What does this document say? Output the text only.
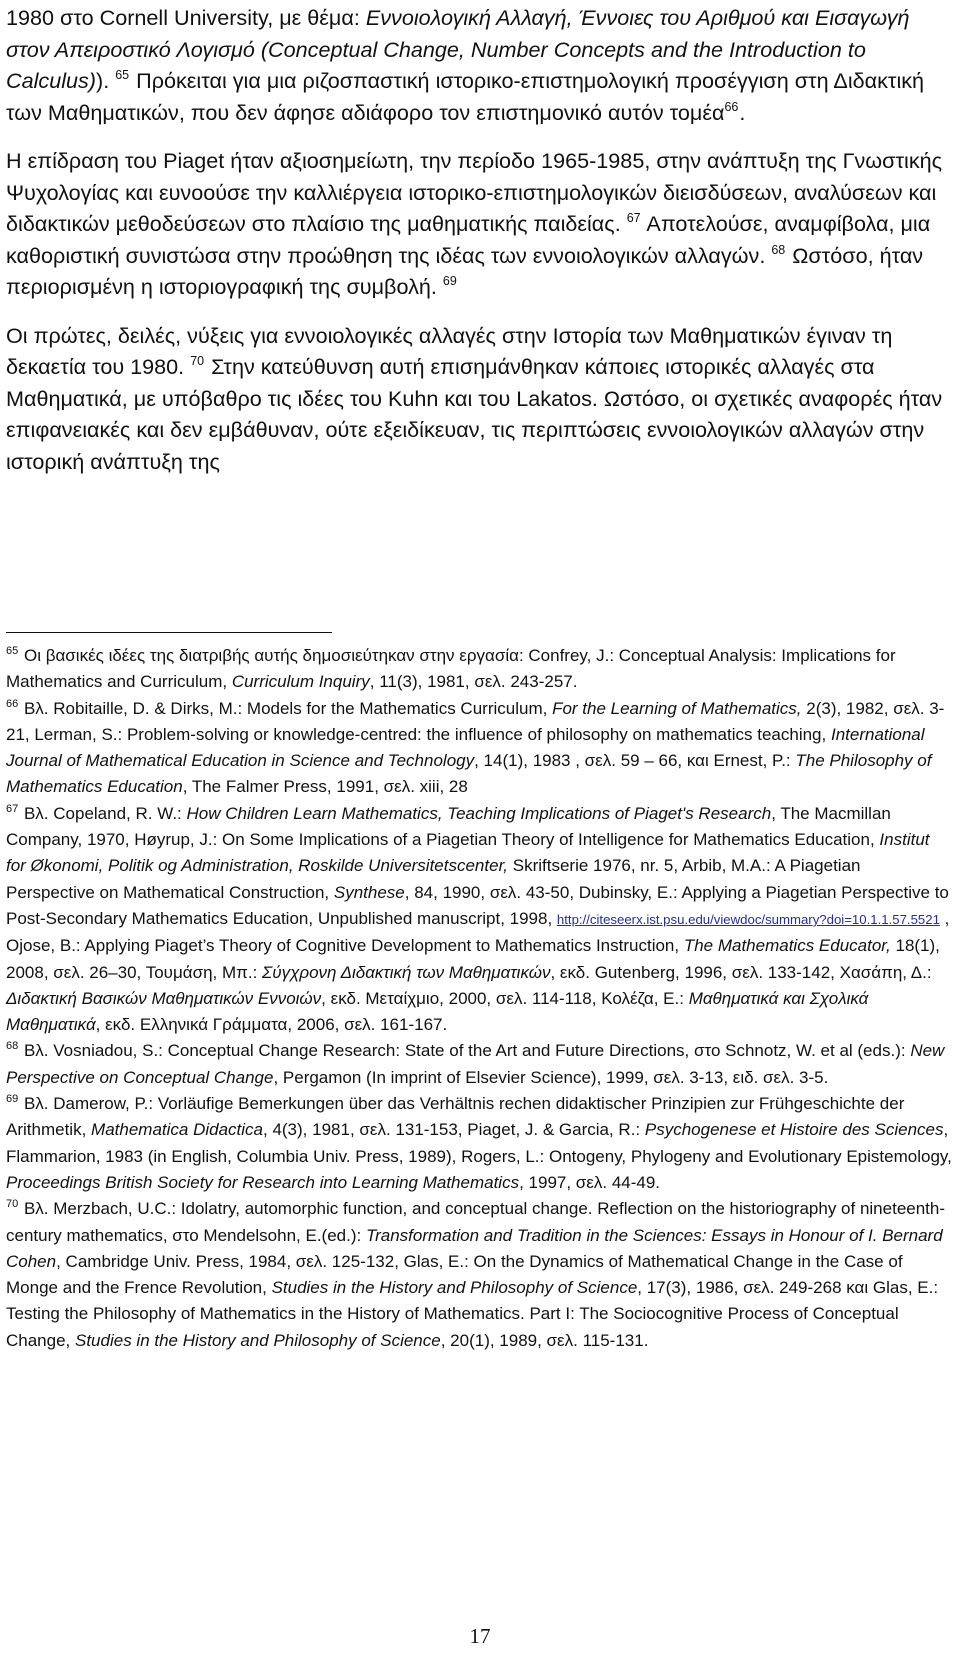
1980 στο Cornell University, με θέμα: Εννοιολογική Αλλαγή, Έννοιες του Αριθμού και Εισαγωγή στον Απειροστικό Λογισμό (Conceptual Change, Number Concepts and the Introduction to Calculus)). $^{65}$ Πρόκειται για μια ριζοσπαστική ιστορικο-επιστημολογική προσέγγιση στη Διδακτική των Μαθηματικών, που δεν άφησε αδιάφορο τον επιστημονικό αυτόν τομέα$^{66}$.

Η επίδραση του Piaget ήταν αξιοσημείωτη, την περίοδο 1965-1985, στην ανάπτυξη της Γνωστικής Ψυχολογίας και ευνοούσε την καλλιέργεια ιστορικο-επιστημολογικών διεισδύσεων, αναλύσεων και διδακτικών μεθοδεύσεων στο πλαίσιο της μαθηματικής παιδείας. $^{67}$ Αποτελούσε, αναμφίβολα, μια καθοριστική συνιστώσα στην προώθηση της ιδέας των εννοιολογικών αλλαγών. $^{68}$ Ωστόσο, ήταν περιορισμένη η ιστοριογραφική της συμβολή. $^{69}$

Οι πρώτες, δειλές, νύξεις για εννοιολογικές αλλαγές στην Ιστορία των Μαθηματικών έγιναν τη δεκαετία του 1980. $^{70}$ Στην κατεύθυνση αυτή επισημάνθηκαν κάποιες ιστορικές αλλαγές στα Μαθηματικά, με υπόβαθρο τις ιδέες του Kuhn και του Lakatos. Ωστόσο, οι σχετικές αναφορές ήταν επιφανειακές και δεν εμβάθυναν, ούτε εξειδίκευαν, τις περιπτώσεις εννοιολογικών αλλαγών στην ιστορική ανάπτυξη της

$^{65}$ Οι βασικές ιδέες της διατριβής αυτής δημοσιεύτηκαν στην εργασία: Confrey, J.: Conceptual Analysis: Implications for Mathematics and Curriculum, Curriculum Inquiry, 11(3), 1981, σελ. 243-257.
$^{66}$ Βλ. Robitaille, D. & Dirks, M.: Models for the Mathematics Curriculum, For the Learning of Mathematics, 2(3), 1982, σελ. 3-21, Lerman, S.: Problem-solving or knowledge-centred: the influence of philosophy on mathematics teaching, International Journal of Mathematical Education in Science and Technology, 14(1), 1983 , σελ. 59 – 66, και Ernest, P.: The Philosophy of Mathematics Education, The Falmer Press, 1991, σελ. xiii, 28
$^{67}$ Βλ. Copeland, R. W.: How Children Learn Mathematics, Teaching Implications of Piaget's Research, The Macmillan Company, 1970, Høyrup, J.: On Some Implications of a Piagetian Theory of Intelligence for Mathematics Education, Institut for Økonomi, Politik og Administration, Roskilde Universitetscenter, Skriftserie 1976, nr. 5, Arbib, M.A.: A Piagetian Perspective on Mathematical Construction, Synthese, 84, 1990, σελ. 43-50, Dubinsky, E.: Applying a Piagetian Perspective to Post-Secondary Mathematics Education, Unpublished manuscript, 1998, http://citeseerx.ist.psu.edu/viewdoc/summary?doi=10.1.1.57.5521 , Ojose, B.: Applying Piaget’s Theory of Cognitive Development to Mathematics Instruction, The Mathematics Educator, 18(1), 2008, σελ. 26–30, Τουμάση, Μπ.: Σύγχρονη Διδακτική των Μαθηματικών, εκδ. Gutenberg, 1996, σελ. 133-142, Χασάπη, Δ.: Διδακτική Βασικών Μαθηματικών Εννοιών, εκδ. Μεταίχμιο, 2000, σελ. 114-118, Κολέζα, Ε.: Μαθηματικά και Σχολικά Μαθηματικά, εκδ. Ελληνικά Γράμματα, 2006, σελ. 161-167.
$^{68}$ Βλ. Vosniadou, S.: Conceptual Change Research: State of the Art and Future Directions, στο Schnotz, W. et al (eds.): New Perspective on Conceptual Change, Pergamon (In imprint of Elsevier Science), 1999, σελ. 3-13, ειδ. σελ. 3-5.
$^{69}$ Βλ. Damerow, P.: Vorläufige Bemerkungen über das Verhältnis rechen didaktischer Prinzipien zur Frühgeschichte der Arithmetik, Mathematica Didactica, 4(3), 1981, σελ. 131-153, Piaget, J. & Garcia, R.: Psychogenese et Histoire des Sciences, Flammarion, 1983 (in English, Columbia Univ. Press, 1989), Rogers, L.: Ontogeny, Phylogeny and Evolutionary Epistemology, Proceedings British Society for Research into Learning Mathematics, 1997, σελ. 44-49.
$^{70}$ Βλ. Merzbach, U.C.: Idolatry, automorphic function, and conceptual change. Reflection on the historiography of nineteenth-century mathematics, στο Mendelsohn, E.(ed.): Transformation and Tradition in the Sciences: Essays in Honour of I. Bernard Cohen, Cambridge Univ. Press, 1984, σελ. 125-132, Glas, E.: On the Dynamics of Mathematical Change in the Case of Monge and the Frence Revolution, Studies in the History and Philosophy of Science, 17(3), 1986, σελ. 249-268 και Glas, E.: Testing the Philosophy of Mathematics in the History of Mathematics. Part I: The Sociocognitive Process of Conceptual Change, Studies in the History and Philosophy of Science, 20(1), 1989, σελ. 115-131.
17
